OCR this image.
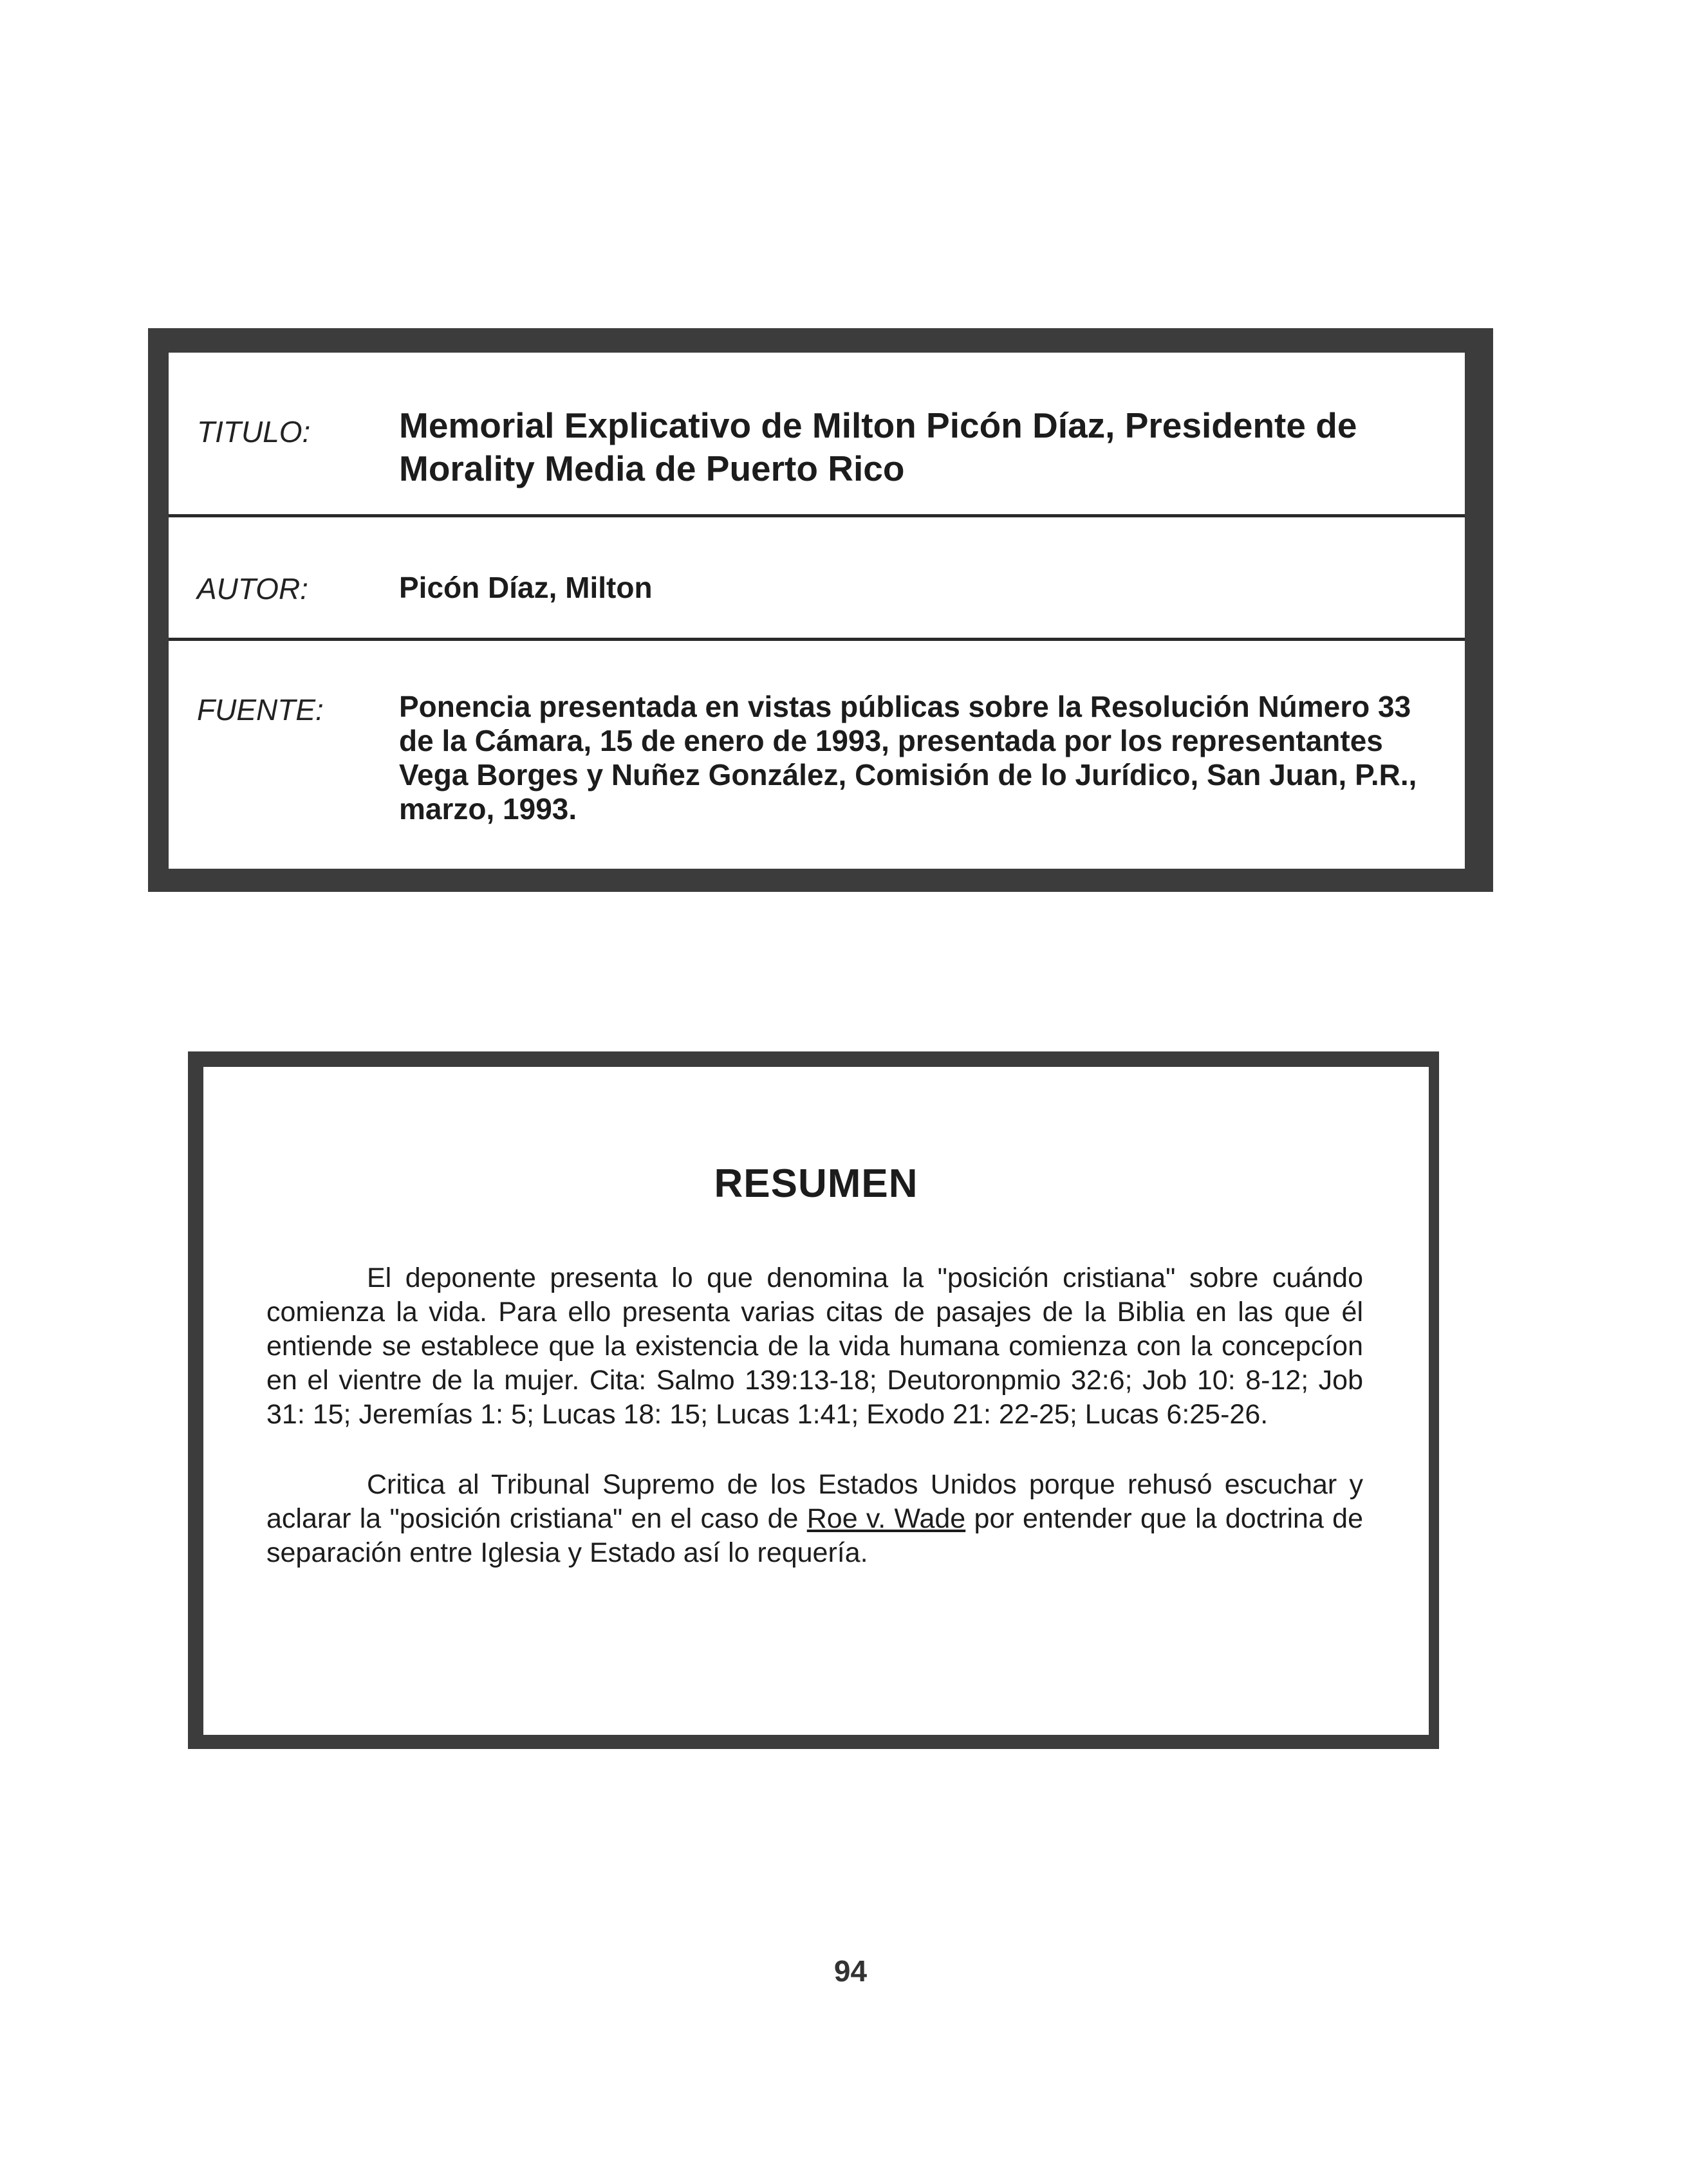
TITULO:	Memorial Explicativo de Milton Picón Díaz, Presidente de Morality Media de Puerto Rico
AUTOR:	Picón Díaz, Milton
FUENTE:	Ponencia presentada en vistas públicas sobre la Resolución Número 33 de la Cámara, 15 de enero de 1993, presentada por los representantes Vega Borges y Nuñez González, Comisión de lo Jurídico, San Juan, P.R., marzo, 1993.
RESUMEN

El deponente presenta lo que denomina la "posición cristiana" sobre cuándo comienza la vida. Para ello presenta varias citas de pasajes de la Biblia en las que él entiende se establece que la existencia de la vida humana comienza con la concepcíon en el vientre de la mujer. Cita: Salmo 139:13-18; Deutoronpmio 32:6; Job 10: 8-12; Job 31: 15; Jeremías 1: 5; Lucas 18: 15; Lucas 1:41; Exodo 21: 22-25; Lucas 6:25-26.

Critica al Tribunal Supremo de los Estados Unidos porque rehusó escuchar y aclarar la "posición cristiana" en el caso de Roe v. Wade por entender que la doctrina de separación entre Iglesia y Estado así lo requería.

94
